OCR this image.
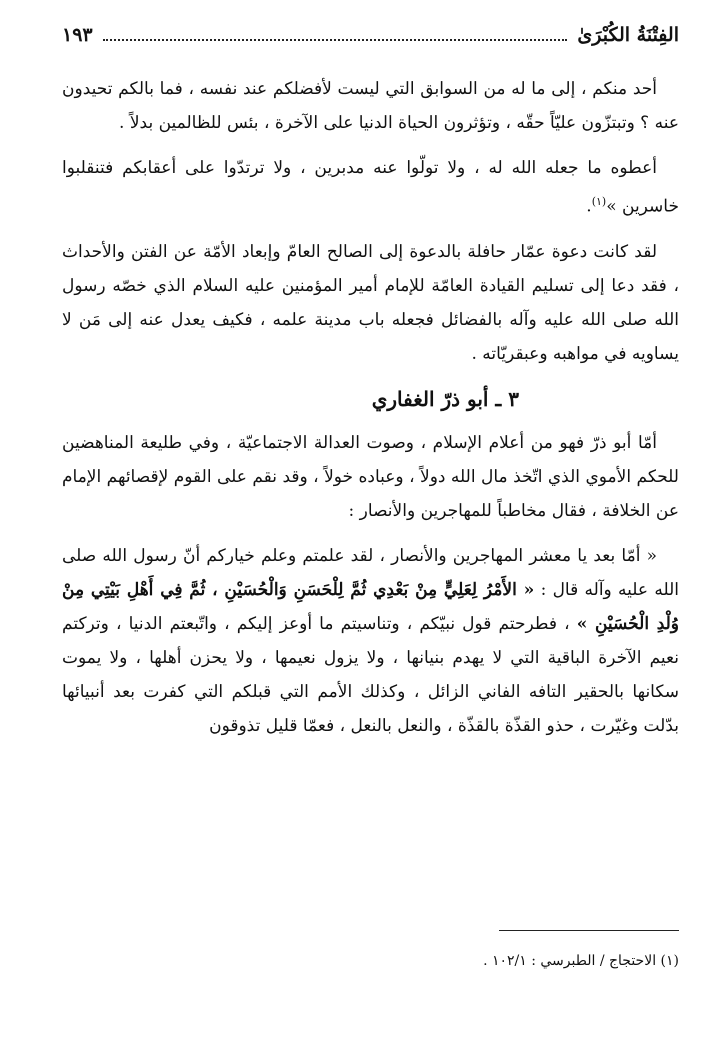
الفِتْنَةُ الكُبْرَىٰ
١٩٣

أحد منكم ، إلى ما له من السوابق التي ليست لأفضلكم عند نفسه ، فما بالكم تحيدون عنه ؟ وتبتزّون عليّاً حقّه ، وتؤثرون الحياة الدنيا على الآخرة ، بئس للظالمين بدلاً .

أعطوه ما جعله الله له ، ولا تولّوا عنه مدبرين ، ولا ترتدّوا على أعقابكم فتنقلبوا خاسرين »$^{(١)}$.

لقد كانت دعوة عمّار حافلة بالدعوة إلى الصالح العامّ وإبعاد الأمّة عن الفتن والأحداث ، فقد دعا إلى تسليم القيادة العامّة للإمام أمير المؤمنين عليه السلام الذي خصّه رسول الله صلى الله عليه وآله بالفضائل فجعله باب مدينة علمه ، فكيف يعدل عنه إلى مَن لا يساويه في مواهبه وعبقريّاته .

٣ ـ أبو ذرّ الغفاري

أمّا أبو ذرّ فهو من أعلام الإسلام ، وصوت العدالة الاجتماعيّة ، وفي طليعة المناهضين للحكم الأموي الذي اتّخذ مال الله دولاً ، وعباده خولاً ، وقد نقم على القوم لإقصائهم الإمام عن الخلافة ، فقال مخاطباً للمهاجرين والأنصار :

« أمّا بعد يا معشر المهاجرين والأنصار ، لقد علمتم وعلم خياركم أنّ رسول الله صلى الله عليه وآله قال : « الأَمْرُ لِعَلِيٍّ مِنْ بَعْدِي ثُمَّ لِلْحَسَنِ وَالْحُسَيْنِ ، ثُمَّ فِي أَهْلِ بَيْتِي مِنْ وُلْدِ الْحُسَيْنِ » ، فطرحتم قول نبيّكم ، وتناسيتم ما أوعز إليكم ، واتّبعتم الدنيا ، وتركتم نعيم الآخرة الباقية التي لا يهدم بنيانها ، ولا يزول نعيمها ، ولا يحزن أهلها ، ولا يموت سكانها بالحقير التافه الفاني الزائل ، وكذلك الأمم التي قبلكم التي كفرت بعد أنبيائها بدّلت وغيّرت ، حذو القذّة بالقذّة ، والنعل بالنعل ، فعمّا قليل تذوقون

(١) الاحتجاج / الطبرسي : ١٠٢/١ .
